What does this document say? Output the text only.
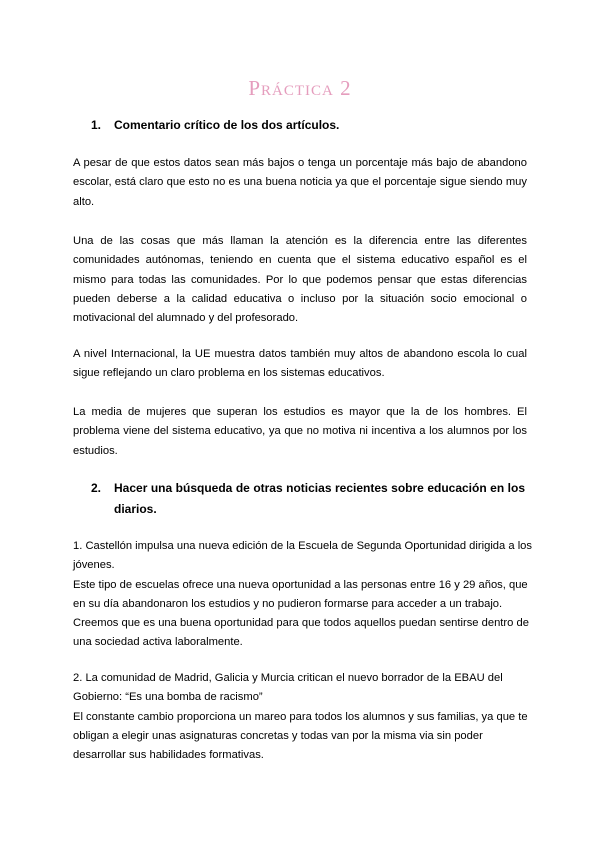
Práctica 2
1. Comentario crítico de los dos artículos.

A pesar de que estos datos sean más bajos o tenga un porcentaje más bajo de abandono escolar, está claro que esto no es una buena noticia ya que el porcentaje sigue siendo muy alto.

Una de las cosas que más llaman la atención es la diferencia entre las diferentes comunidades autónomas, teniendo en cuenta que el sistema educativo español es el mismo para todas las comunidades. Por lo que podemos pensar que estas diferencias pueden deberse a la calidad educativa o incluso por la situación socio emocional o motivacional del alumnado y del profesorado.

A nivel Internacional, la UE muestra datos también muy altos de abandono escola lo cual sigue reflejando un claro problema en los sistemas educativos.

La media de mujeres que superan los estudios es mayor que la de los hombres. El problema viene del sistema educativo, ya que no motiva ni incentiva a los alumnos por los estudios.

2. Hacer una búsqueda de otras noticias recientes sobre educación en los diarios.
1. Castellón impulsa una nueva edición de la Escuela de Segunda Oportunidad dirigida a los jóvenes.
Este tipo de escuelas ofrece una nueva oportunidad a las personas entre 16 y 29 años, que en su día abandonaron los estudios y no pudieron formarse para acceder a un trabajo.
Creemos que es una buena oportunidad para que todos aquellos puedan sentirse dentro de una sociedad activa laboralmente.
2. La comunidad de Madrid, Galicia y Murcia critican el nuevo borrador de la EBAU del Gobierno: “Es una bomba de racismo”
El constante cambio proporciona un mareo para todos los alumnos y sus familias, ya que te obligan a elegir unas asignaturas concretas y todas van por la misma via sin poder desarrollar sus habilidades formativas.
